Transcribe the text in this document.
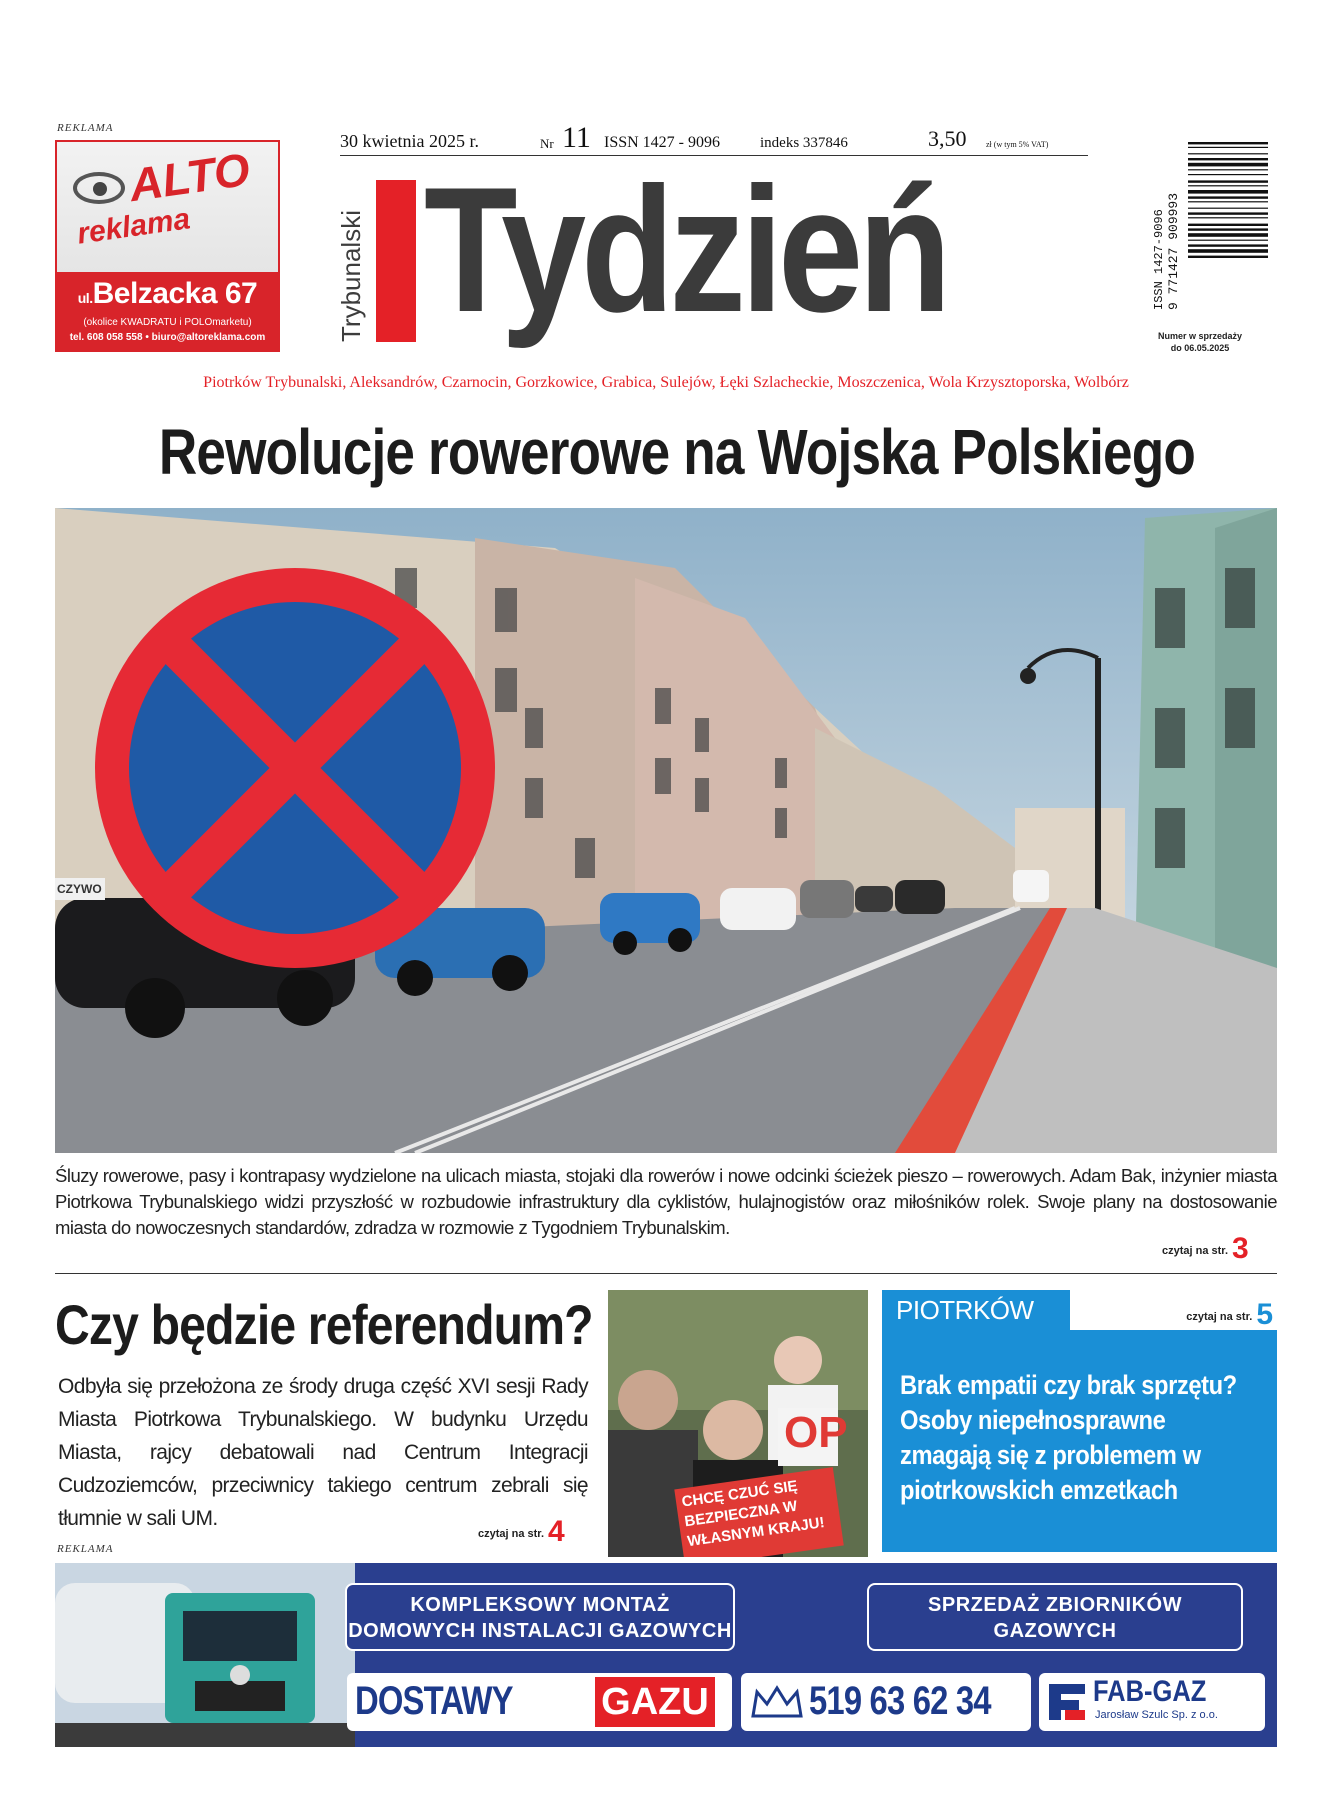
REKLAMA
ALTO
reklama
ul.Belzacka 67
(okolice KWADRATU i POLOmarketu)
tel. 608 058 558 • biuro@altoreklama.com
30 kwietnia 2025 r.	Nr 11 ISSN 1427 - 9096	indeks 337846	3,50 zł (w tym 5% VAT)
Trybunalski Tydzień	ISSN 1427-9096 9 771427 909993
Numer w sprzedaży
do 06.05.2025
Piotrków Trybunalski, Aleksandrów, Czarnocin, Gorzkowice, Grabica, Sulejów, Łęki Szlacheckie, Moszczenica, Wola Krzysztoporska, Wolbórz
Rewolucje rowerowe na Wojska Polskiego
CZYWO
Śluzy rowerowe, pasy i kontrapasy wydzielone na ulicach miasta, stojaki dla rowerów i nowe odcinki ścieżek pieszo – rowerowych. Adam Bak, inżynier miasta Piotrkowa Trybunalskiego widzi przyszłość w rozbudowie infrastruktury dla cyklistów, hulajnogistów oraz miłośników rolek. Swoje plany na dostosowanie miasta do nowoczesnych standardów, zdradza w rozmowie z Tygodniem Trybunalskim.
czytaj na str. 3
Czy będzie referendum?
Odbyła się przełożona ze środy druga część XVI sesji Rady Miasta Piotrkowa Trybunalskiego. W budynku Urzędu Miasta, rajcy debatowali nad Centrum Integracji Cudzoziemców, przeciwnicy takiego centrum zebrali się tłumnie w sali UM.
czytaj na str. 4
OP
CHCĘ CZUĆ SIĘ BEZPIECZNA W WŁASNYM KRAJU!
PIOTRKÓW	czytaj na str. 5
Brak empatii czy brak sprzętu?
Osoby niepełnosprawne zmagają się z problemem w piotrkowskich emzetkach
REKLAMA
KOMPLEKSOWY MONTAŻ DOMOWYCH INSTALACJI GAZOWYCH
SPRZEDAŻ ZBIORNIKÓW GAZOWYCH
DOSTAWY GAZU	519 63 62 34	FAB-GAZ
Jarosław Szulc Sp. z o.o.
